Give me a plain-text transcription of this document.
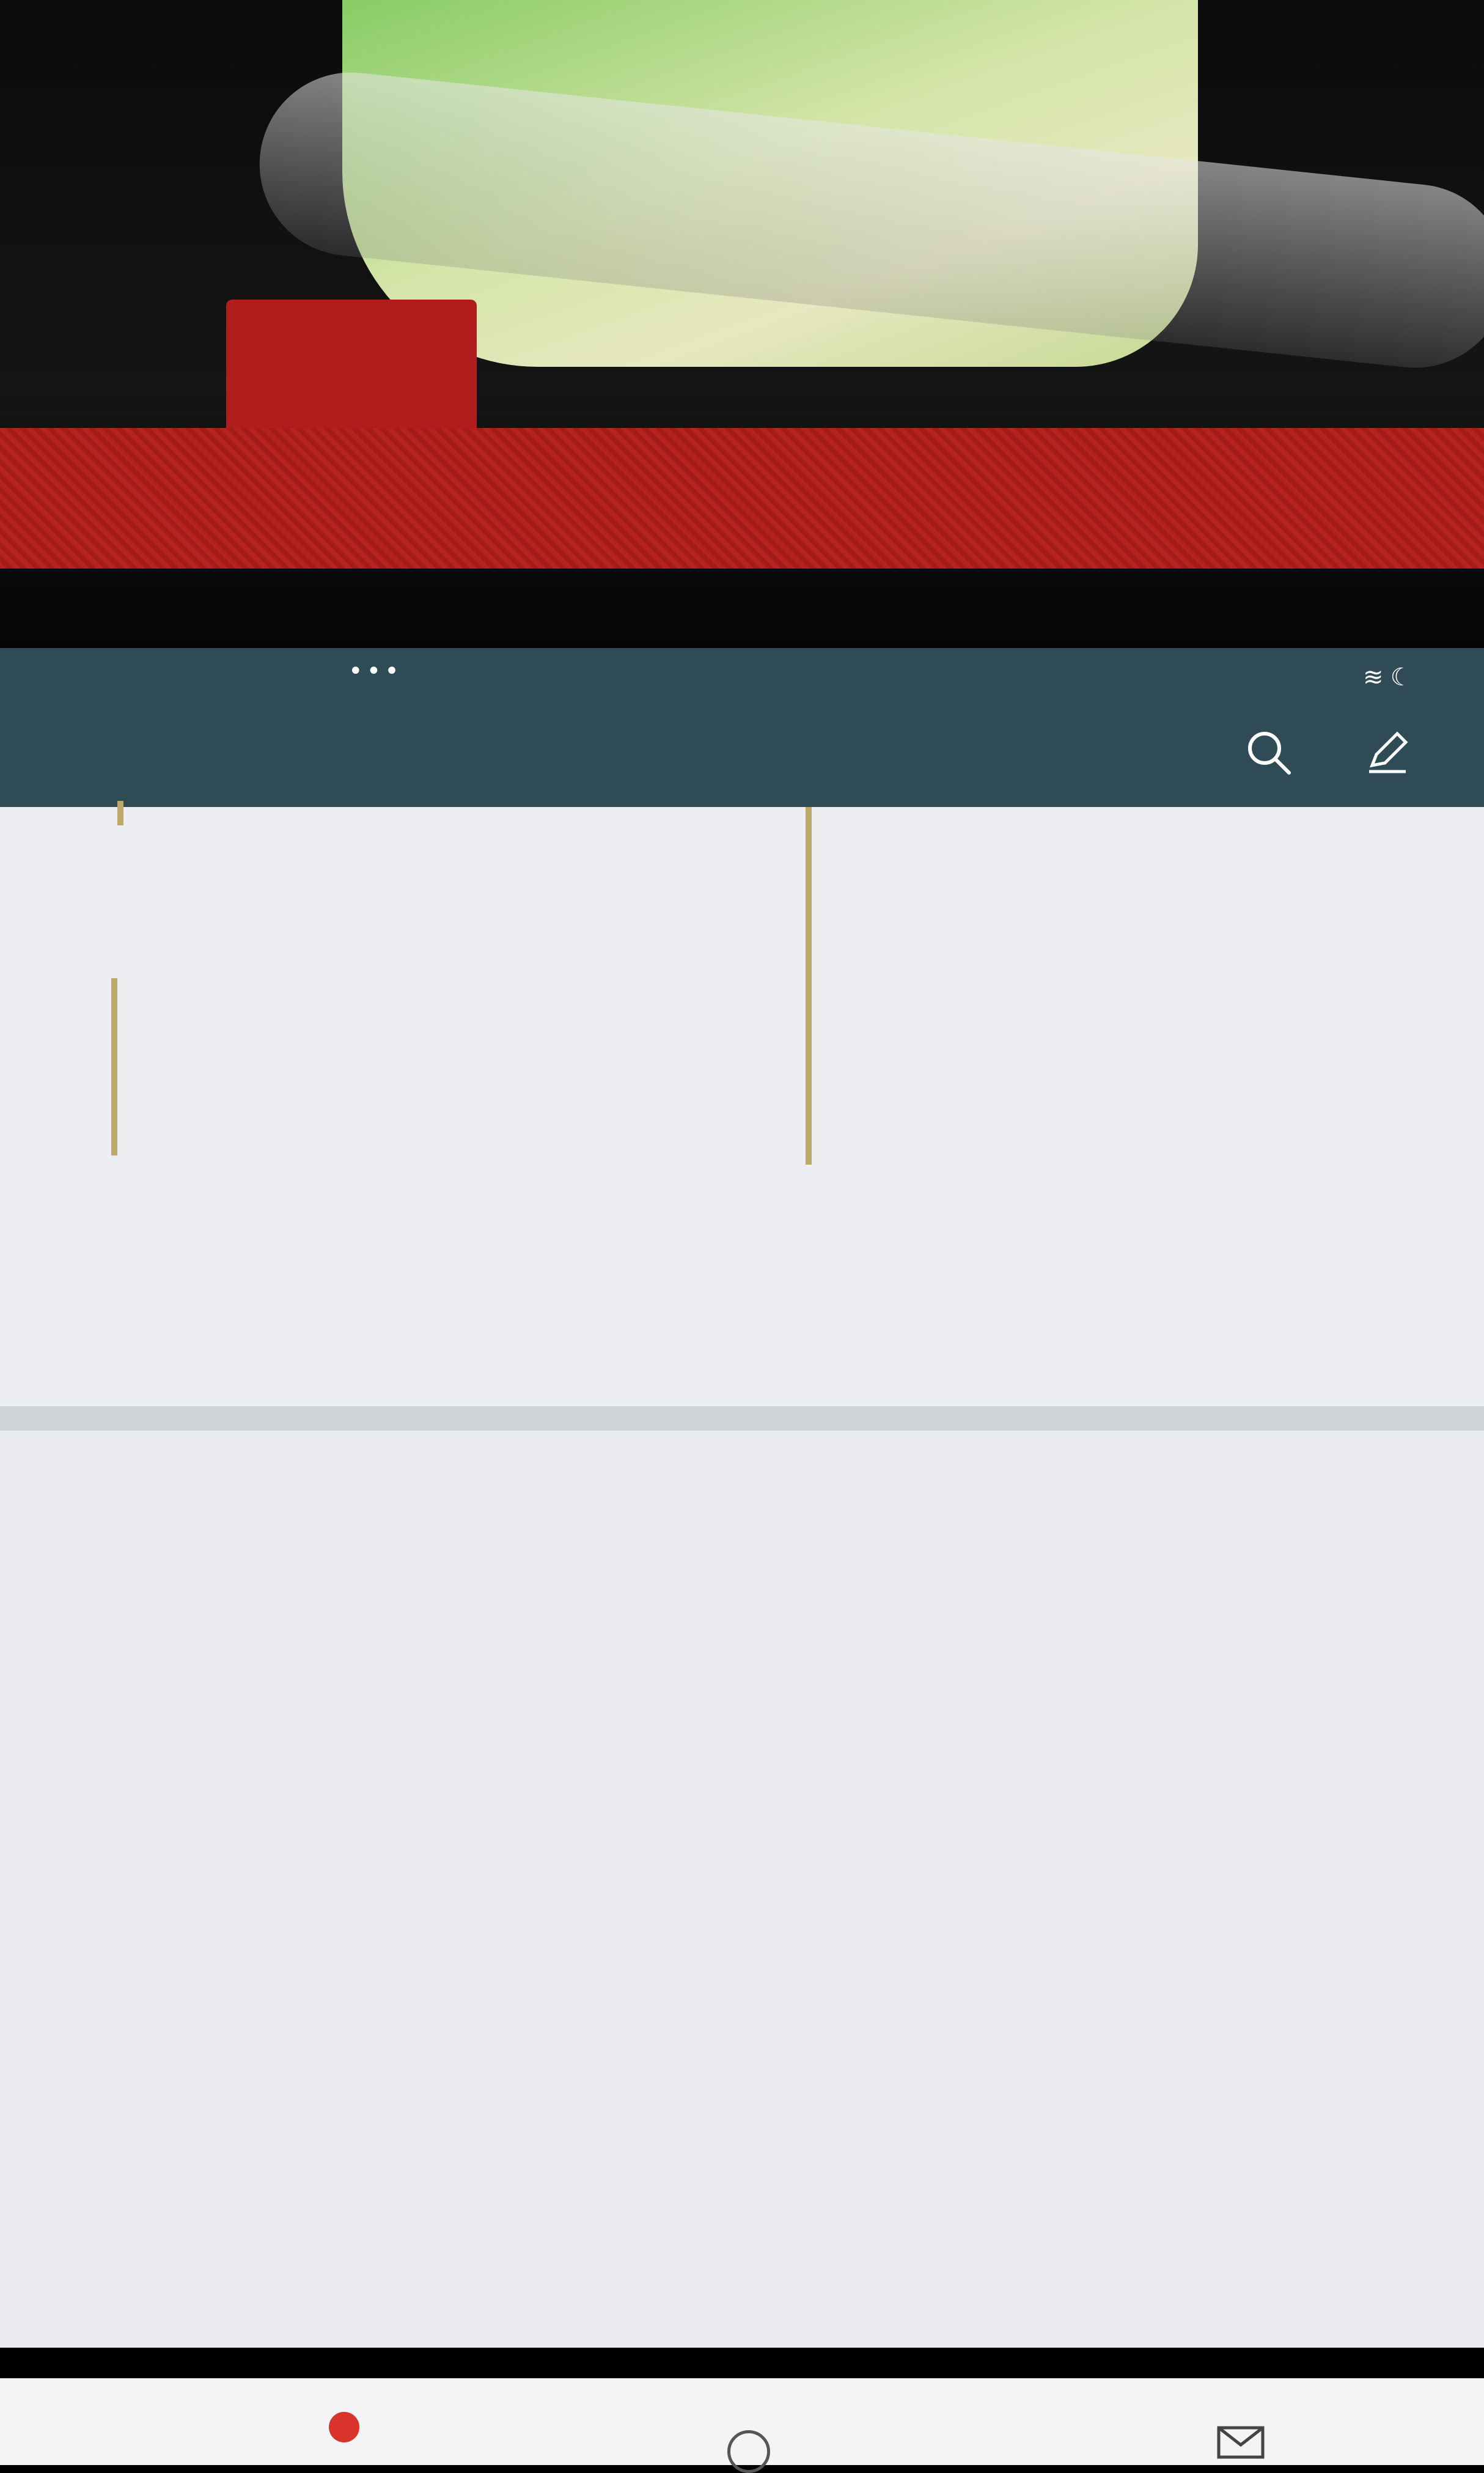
•••	≋ ☾
